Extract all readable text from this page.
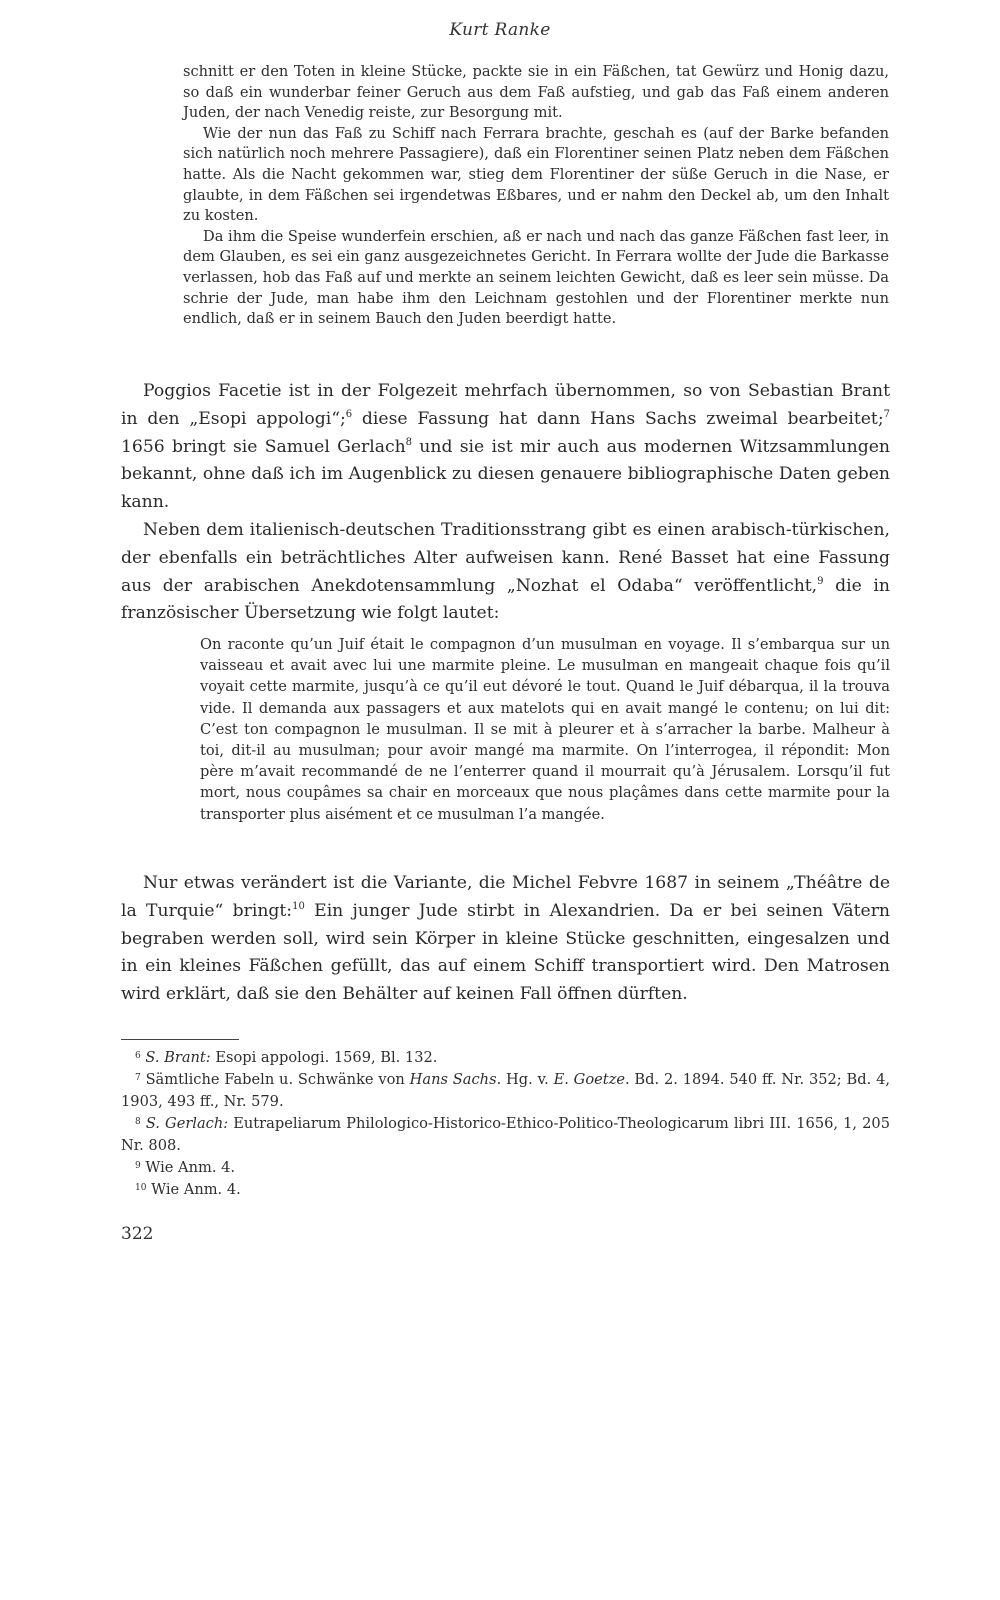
Kurt Ranke

schnitt er den Toten in kleine Stücke, packte sie in ein Fäßchen, tat Gewürz und Honig dazu, so daß ein wunderbar feiner Geruch aus dem Faß aufstieg, und gab das Faß einem anderen Juden, der nach Venedig reiste, zur Besorgung mit.

Wie der nun das Faß zu Schiff nach Ferrara brachte, geschah es (auf der Barke befanden sich natürlich noch mehrere Passagiere), daß ein Florentiner seinen Platz neben dem Fäßchen hatte. Als die Nacht gekommen war, stieg dem Florentiner der süße Geruch in die Nase, er glaubte, in dem Fäßchen sei irgendetwas Eßbares, und er nahm den Deckel ab, um den Inhalt zu kosten.

Da ihm die Speise wunderfein erschien, aß er nach und nach das ganze Fäßchen fast leer, in dem Glauben, es sei ein ganz ausgezeichnetes Gericht. In Ferrara wollte der Jude die Barkasse verlassen, hob das Faß auf und merkte an seinem leichten Gewicht, daß es leer sein müsse. Da schrie der Jude, man habe ihm den Leichnam gestohlen und der Florentiner merkte nun endlich, daß er in seinem Bauch den Juden beerdigt hatte.

Poggios Facetie ist in der Folgezeit mehrfach übernommen, so von Sebastian Brant in den „Esopi appologi“;$^6$ diese Fassung hat dann Hans Sachs zweimal bearbeitet;$^7$ 1656 bringt sie Samuel Gerlach$^8$ und sie ist mir auch aus modernen Witzsammlungen bekannt, ohne daß ich im Augenblick zu diesen genauere bibliographische Daten geben kann.

Neben dem italienisch-deutschen Traditionsstrang gibt es einen arabisch-türkischen, der ebenfalls ein beträchtliches Alter aufweisen kann. René Basset hat eine Fassung aus der arabischen Anekdotensammlung „Nozhat el Odaba“ veröffentlicht,$^9$ die in französischer Übersetzung wie folgt lautet:

On raconte qu’un Juif était le compagnon d’un musulman en voyage. Il s’embarqua sur un vaisseau et avait avec lui une marmite pleine. Le musulman en mangeait chaque fois qu’il voyait cette marmite, jusqu’à ce qu’il eut dévoré le tout. Quand le Juif débarqua, il la trouva vide. Il demanda aux passagers et aux matelots qui en avait mangé le contenu; on lui dit: C’est ton compagnon le musulman. Il se mit à pleurer et à s’arracher la barbe. Malheur à toi, dit-il au musulman; pour avoir mangé ma marmite. On l’interrogea, il répondit: Mon père m’avait recommandé de ne l’enterrer quand il mourrait qu’à Jérusalem. Lorsqu’il fut mort, nous coupâmes sa chair en morceaux que nous plaçâmes dans cette marmite pour la transporter plus aisément et ce musulman l’a mangée.

Nur etwas verändert ist die Variante, die Michel Febvre 1687 in seinem „Théâtre de la Turquie“ bringt:$^{10}$ Ein junger Jude stirbt in Alexandrien. Da er bei seinen Vätern begraben werden soll, wird sein Körper in kleine Stücke geschnitten, eingesalzen und in ein kleines Fäßchen gefüllt, das auf einem Schiff transportiert wird. Den Matrosen wird erklärt, daß sie den Behälter auf keinen Fall öffnen dürften.

$^6$ S. Brant: Esopi appologi. 1569, Bl. 132.

$^7$ Sämtliche Fabeln u. Schwänke von Hans Sachs. Hg. v. E. Goetze. Bd. 2. 1894. 540 ff. Nr. 352; Bd. 4, 1903, 493 ff., Nr. 579.

$^8$ S. Gerlach: Eutrapeliarum Philologico-Historico-Ethico-Politico-Theologicarum libri III. 1656, 1, 205 Nr. 808.

$^9$ Wie Anm. 4.

$^{10}$ Wie Anm. 4.

322
